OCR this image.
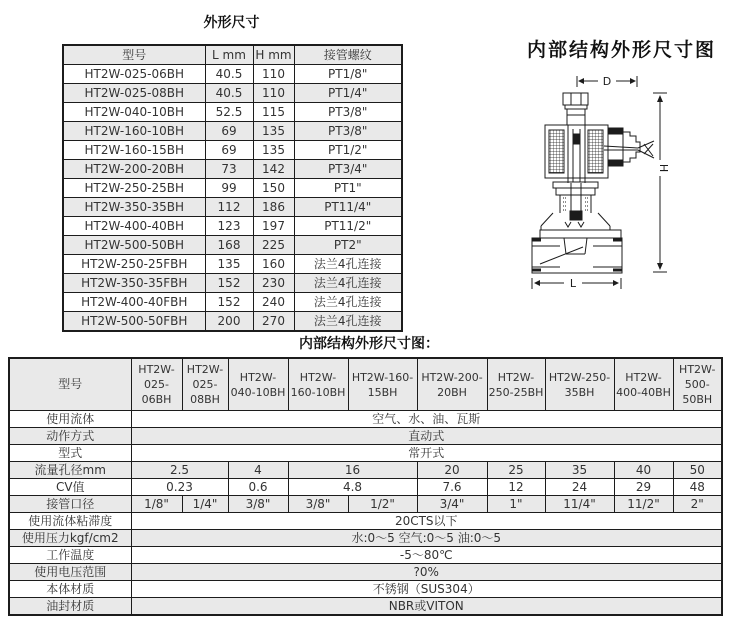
外形尺寸
型号	L mm	H mm	接管螺纹
HT2W-025-06BH	40.5	110	PT1/8"
HT2W-025-08BH	40.5	110	PT1/4"
HT2W-040-10BH	52.5	115	PT3/8"
HT2W-160-10BH	69	135	PT3/8"
HT2W-160-15BH	69	135	PT1/2"
HT2W-200-20BH	73	142	PT3/4"
HT2W-250-25BH	99	150	PT1"
HT2W-350-35BH	112	186	PT11/4"
HT2W-400-40BH	123	197	PT11/2"
HT2W-500-50BH	168	225	PT2"
HT2W-250-25FBH	135	160	法兰4孔连接
HT2W-350-35FBH	152	230	法兰4孔连接
HT2W-400-40FBH	152	240	法兰4孔连接
HT2W-500-50FBH	200	270	法兰4孔连接
内部结构外形尺寸图
D
H
L
内部结构外形尺寸图：
型号	HT2W-025-06BH	HT2W-025-08BH	HT2W-040-10BH	HT2W-160-10BH	HT2W-160-15BH	HT2W-200-20BH	HT2W-250-25BH	HT2W-250-35BH	HT2W-400-40BH	HT2W-500-50BH
使用流体	空气、水、油、瓦斯									
动作方式	直动式									
型式	常开式									
流量孔径mm	2.5		4	16		20	25	35	40	50
CV值	0.23		0.6	4.8		7.6	12	24	29	48
接管口径	1/8"	1/4"	3/8"	3/8"	1/2"	3/4"	1"	11/4"	11/2"	2"
使用流体粘滞度	20CTS以下									
使用压力kgf/cm2	水:0～5 空气:0～5 油:0～5									
工作温度	-5～80℃									
使用电压范围	?0%									
本体材质	不锈钢（SUS304）									
油封材质	NBR或VITON									
